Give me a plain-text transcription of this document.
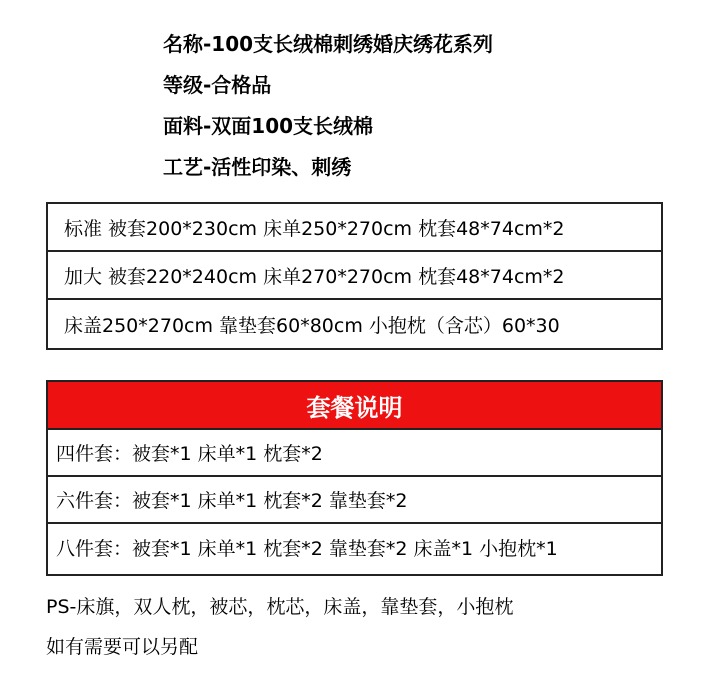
名称-100支长绒棉刺绣婚庆绣花系列
等级-合格品
面料-双面100支长绒棉
工艺-活性印染、刺绣
标准 被套200*230cm 床单250*270cm 枕套48*74cm*2
加大 被套220*240cm 床单270*270cm 枕套48*74cm*2
床盖250*270cm 靠垫套60*80cm 小抱枕（含芯）60*30
套餐说明
四件套：被套*1 床单*1 枕套*2
六件套：被套*1 床单*1 枕套*2 靠垫套*2
八件套：被套*1 床单*1 枕套*2 靠垫套*2 床盖*1 小抱枕*1
PS-床旗，双人枕，被芯，枕芯，床盖，靠垫套，小抱枕
如有需要可以另配
